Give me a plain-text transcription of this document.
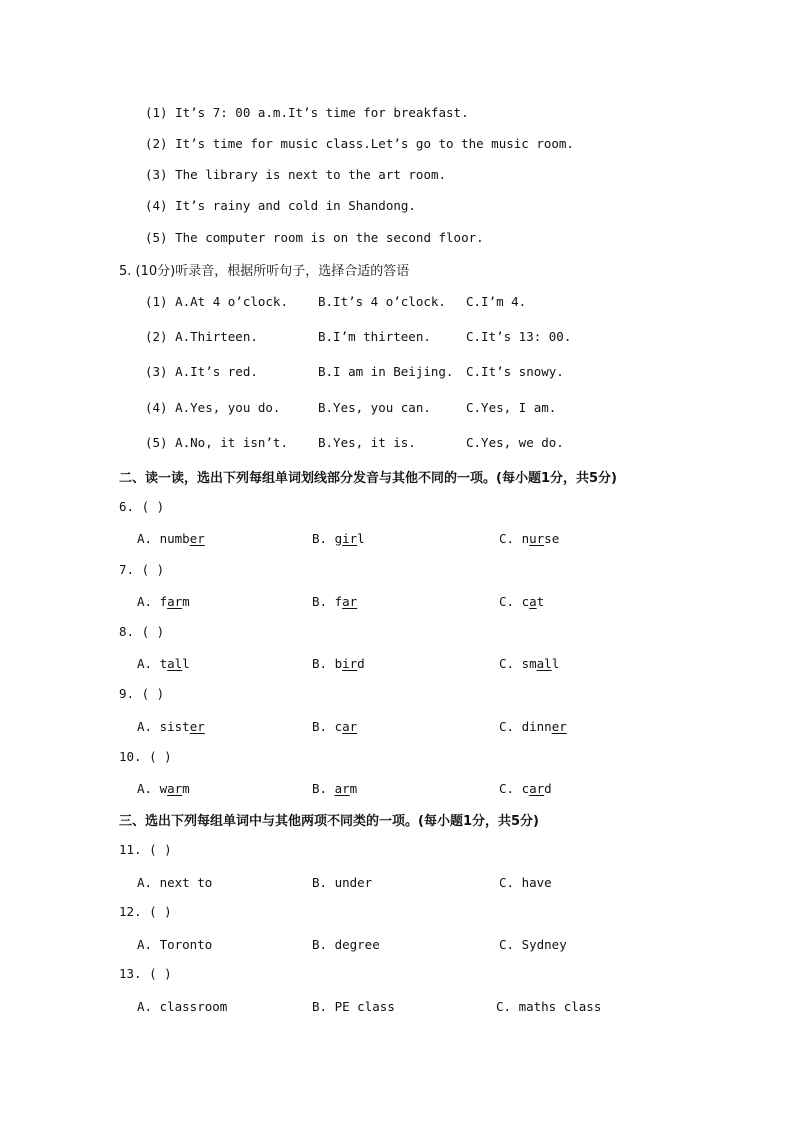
(1) It’s 7: 00 a.m.It’s time for breakfast.
(2) It’s time for music class.Let’s go to the music room.
(3) The library is next to the art room.
(4) It’s rainy and cold in Shandong.
(5) The computer room is on the second floor.
5. (10分)听录音，根据所听句子，选择合适的答语
(1) A.At 4 o’clock. B.It’s 4 o’clock. C.I’m 4.
(2) A.Thirteen.	B.I’m thirteen.	C.It’s 13: 00.
(3) A.It’s red.	B.I am in Beijing. C.It’s snowy.
(4) A.Yes, you do.	B.Yes, you can.	C.Yes, I am.
(5) A.No, it isn’t. B.Yes, it is.	C.Yes, we do.
二、读一读，选出下列每组单词划线部分发音与其他不同的一项。(每小题1分，共5分)
6. ( )
A. number	B. girl	C. nurse
7. ( )
A. farm	B. far	C. cat
8. ( )
A. tall	B. bird	C. small
9. ( )
A. sister	B. car	C. dinner
10. ( )
A. warm	B. arm	C. card
三、选出下列每组单词中与其他两项不同类的一项。(每小题1分，共5分)
11. ( )
A. next to	B. under	C. have
12. ( )
A. Toronto	B. degree	C. Sydney
13. ( )
A. classroom	B. PE class	C. maths class
